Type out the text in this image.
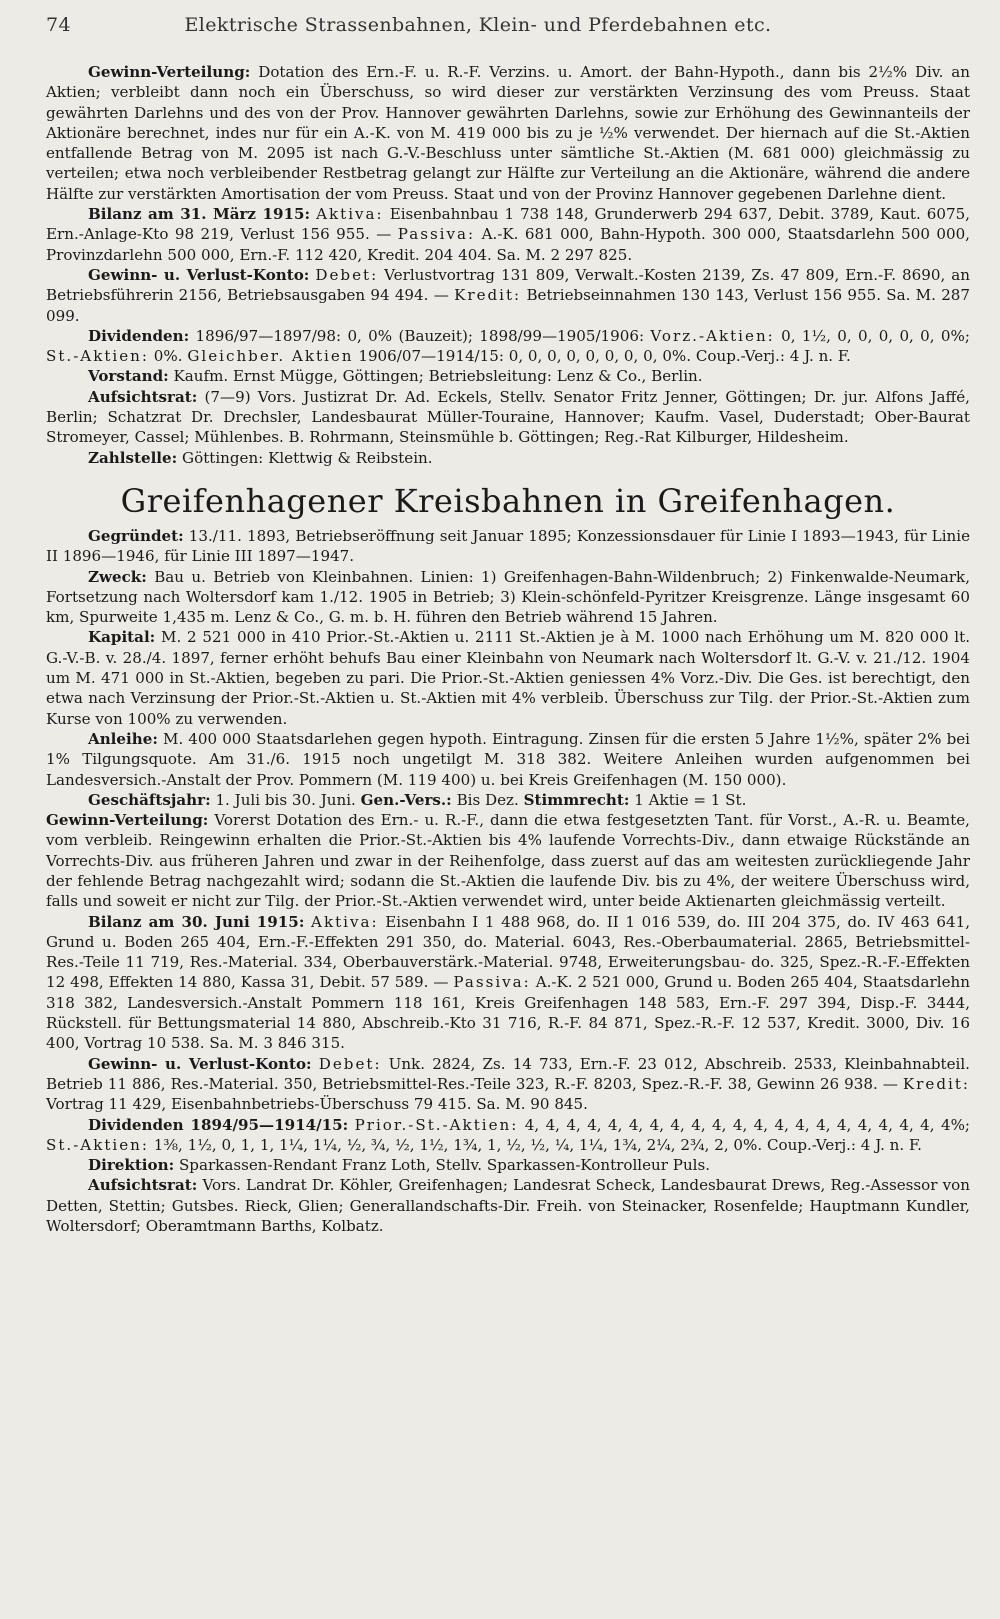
74	Elektrische Strassenbahnen, Klein- und Pferdebahnen etc.

Gewinn-Verteilung: Dotation des Ern.-F. u. R.-F. Verzins. u. Amort. der Bahn-Hypoth., dann bis 2½% Div. an Aktien; verbleibt dann noch ein Überschuss, so wird dieser zur verstärkten Verzinsung des vom Preuss. Staat gewährten Darlehns und des von der Prov. Hannover gewährten Darlehns, sowie zur Erhöhung des Gewinnanteils der Aktionäre berechnet, indes nur für ein A.-K. von M. 419 000 bis zu je ½% verwendet. Der hiernach auf die St.-Aktien entfallende Betrag von M. 2095 ist nach G.-V.-Beschluss unter sämtliche St.-Aktien (M. 681 000) gleichmässig zu verteilen; etwa noch verbleibender Restbetrag gelangt zur Hälfte zur Verteilung an die Aktionäre, während die andere Hälfte zur verstärkten Amortisation der vom Preuss. Staat und von der Provinz Hannover gegebenen Darlehne dient.

Bilanz am 31. März 1915: Aktiva: Eisenbahnbau 1 738 148, Grunderwerb 294 637, Debit. 3789, Kaut. 6075, Ern.-Anlage-Kto 98 219, Verlust 156 955. — Passiva: A.-K. 681 000, Bahn-Hypoth. 300 000, Staatsdarlehn 500 000, Provinzdarlehn 500 000, Ern.-F. 112 420, Kredit. 204 404. Sa. M. 2 297 825.

Gewinn- u. Verlust-Konto: Debet: Verlustvortrag 131 809, Verwalt.-Kosten 2139, Zs. 47 809, Ern.-F. 8690, an Betriebsführerin 2156, Betriebsausgaben 94 494. — Kredit: Betriebseinnahmen 130 143, Verlust 156 955. Sa. M. 287 099.

Dividenden: 1896/97—1897/98: 0, 0% (Bauzeit); 1898/99—1905/1906: Vorz.-Aktien: 0, 1½, 0, 0, 0, 0, 0, 0%; St.-Aktien: 0%. Gleichber. Aktien 1906/07—1914/15: 0, 0, 0, 0, 0, 0, 0, 0, 0%. Coup.-Verj.: 4 J. n. F.

Vorstand: Kaufm. Ernst Mügge, Göttingen; Betriebsleitung: Lenz & Co., Berlin.

Aufsichtsrat: (7—9) Vors. Justizrat Dr. Ad. Eckels, Stellv. Senator Fritz Jenner, Göttingen; Dr. jur. Alfons Jaffé, Berlin; Schatzrat Dr. Drechsler, Landesbaurat Müller-Touraine, Hannover; Kaufm. Vasel, Duderstadt; Ober-Baurat Stromeyer, Cassel; Mühlenbes. B. Rohrmann, Steinsmühle b. Göttingen; Reg.-Rat Kilburger, Hildesheim.

Zahlstelle: Göttingen: Klettwig & Reibstein.

Greifenhagener Kreisbahnen in Greifenhagen.

Gegründet: 13./11. 1893, Betriebseröffnung seit Januar 1895; Konzessionsdauer für Linie I 1893—1943, für Linie II 1896—1946, für Linie III 1897—1947.

Zweck: Bau u. Betrieb von Kleinbahnen. Linien: 1) Greifenhagen-Bahn-Wildenbruch; 2) Finkenwalde-Neumark, Fortsetzung nach Woltersdorf kam 1./12. 1905 in Betrieb; 3) Klein-schönfeld-Pyritzer Kreisgrenze. Länge insgesamt 60 km, Spurweite 1,435 m. Lenz & Co., G. m. b. H. führen den Betrieb während 15 Jahren.

Kapital: M. 2 521 000 in 410 Prior.-St.-Aktien u. 2111 St.-Aktien je à M. 1000 nach Erhöhung um M. 820 000 lt. G.-V.-B. v. 28./4. 1897, ferner erhöht behufs Bau einer Kleinbahn von Neumark nach Woltersdorf lt. G.-V. v. 21./12. 1904 um M. 471 000 in St.-Aktien, begeben zu pari. Die Prior.-St.-Aktien geniessen 4% Vorz.-Div. Die Ges. ist berechtigt, den etwa nach Verzinsung der Prior.-St.-Aktien u. St.-Aktien mit 4% verbleib. Überschuss zur Tilg. der Prior.-St.-Aktien zum Kurse von 100% zu verwenden.

Anleihe: M. 400 000 Staatsdarlehen gegen hypoth. Eintragung. Zinsen für die ersten 5 Jahre 1½%, später 2% bei 1% Tilgungsquote. Am 31./6. 1915 noch ungetilgt M. 318 382. Weitere Anleihen wurden aufgenommen bei Landesversich.-Anstalt der Prov. Pommern (M. 119 400) u. bei Kreis Greifenhagen (M. 150 000).

Geschäftsjahr: 1. Juli bis 30. Juni. Gen.-Vers.: Bis Dez. Stimmrecht: 1 Aktie = 1 St.

Gewinn-Verteilung: Vorerst Dotation des Ern.- u. R.-F., dann die etwa festgesetzten Tant. für Vorst., A.-R. u. Beamte, vom verbleib. Reingewinn erhalten die Prior.-St.-Aktien bis 4% laufende Vorrechts-Div., dann etwaige Rückstände an Vorrechts-Div. aus früheren Jahren und zwar in der Reihenfolge, dass zuerst auf das am weitesten zurückliegende Jahr der fehlende Betrag nachgezahlt wird; sodann die St.-Aktien die laufende Div. bis zu 4%, der weitere Überschuss wird, falls und soweit er nicht zur Tilg. der Prior.-St.-Aktien verwendet wird, unter beide Aktienarten gleichmässig verteilt.

Bilanz am 30. Juni 1915: Aktiva: Eisenbahn I 1 488 968, do. II 1 016 539, do. III 204 375, do. IV 463 641, Grund u. Boden 265 404, Ern.-F.-Effekten 291 350, do. Material. 6043, Res.-Oberbaumaterial. 2865, Betriebsmittel-Res.-Teile 11 719, Res.-Material. 334, Oberbauverstärk.-Material. 9748, Erweiterungsbau- do. 325, Spez.-R.-F.-Effekten 12 498, Effekten 14 880, Kassa 31, Debit. 57 589. — Passiva: A.-K. 2 521 000, Grund u. Boden 265 404, Staatsdarlehn 318 382, Landesversich.-Anstalt Pommern 118 161, Kreis Greifenhagen 148 583, Ern.-F. 297 394, Disp.-F. 3444, Rückstell. für Bettungsmaterial 14 880, Abschreib.-Kto 31 716, R.-F. 84 871, Spez.-R.-F. 12 537, Kredit. 3000, Div. 16 400, Vortrag 10 538. Sa. M. 3 846 315.

Gewinn- u. Verlust-Konto: Debet: Unk. 2824, Zs. 14 733, Ern.-F. 23 012, Abschreib. 2533, Kleinbahnabteil. Betrieb 11 886, Res.-Material. 350, Betriebsmittel-Res.-Teile 323, R.-F. 8203, Spez.-R.-F. 38, Gewinn 26 938. — Kredit: Vortrag 11 429, Eisenbahnbetriebs-Überschuss 79 415. Sa. M. 90 845.

Dividenden 1894/95—1914/15: Prior.-St.-Aktien: 4, 4, 4, 4, 4, 4, 4, 4, 4, 4, 4, 4, 4, 4, 4, 4, 4, 4, 4, 4, 4%; St.-Aktien: 1⅜, 1½, 0, 1, 1, 1¼, 1¼, ½, ¾, ½, 1½, 1¾, 1, ½, ½, ¼, 1¼, 1¾, 2¼, 2¾, 2, 0%. Coup.-Verj.: 4 J. n. F.

Direktion: Sparkassen-Rendant Franz Loth, Stellv. Sparkassen-Kontrolleur Puls.

Aufsichtsrat: Vors. Landrat Dr. Köhler, Greifenhagen; Landesrat Scheck, Landesbaurat Drews, Reg.-Assessor von Detten, Stettin; Gutsbes. Rieck, Glien; Generallandschafts-Dir. Freih. von Steinacker, Rosenfelde; Hauptmann Kundler, Woltersdorf; Oberamtmann Barths, Kolbatz.
